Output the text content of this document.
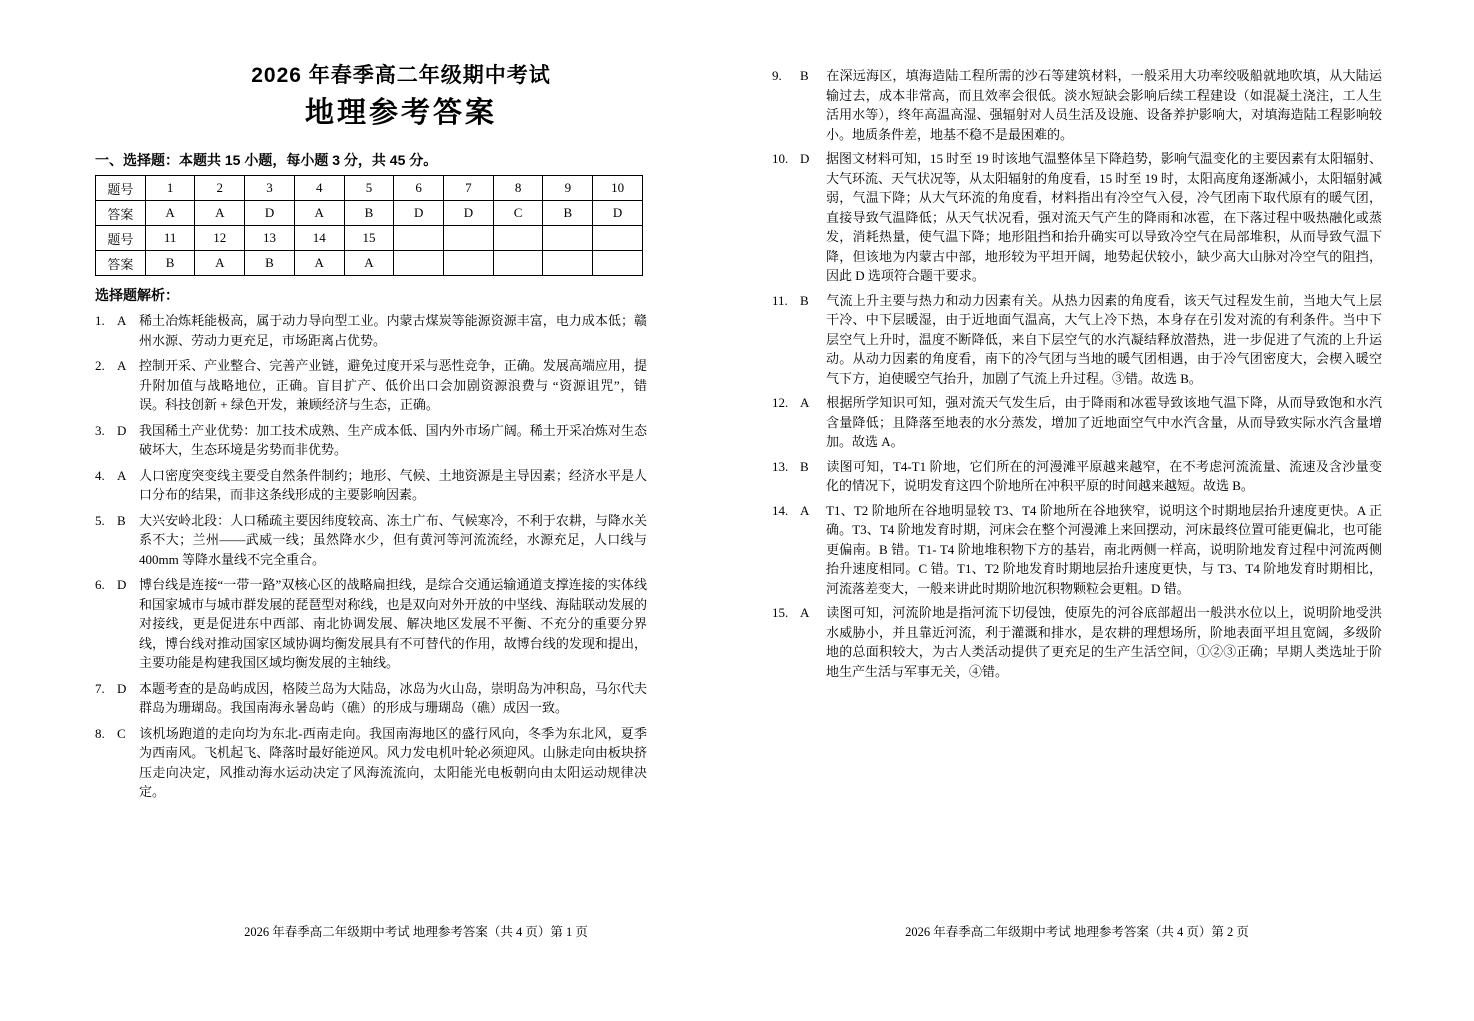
2026 年春季高二年级期中考试
地理参考答案
一、选择题：本题共 15 小题，每小题 3 分，共 45 分。
题号	1	2	3	4	5	6	7	8	9	10
答案	A	A	D	A	B	D	D	C	B	D
题号	11	12	13	14	15					
答案	B	A	B	A	A					
选择题解析：
1. A 稀土冶炼耗能极高，属于动力导向型工业。内蒙古煤炭等能源资源丰富，电力成本低；赣州水源、劳动力更充足，市场距离占优势。
2. A 控制开采、产业整合、完善产业链，避免过度开采与恶性竞争，正确。发展高端应用，提升附加值与战略地位，正确。盲目扩产、低价出口会加剧资源浪费与 “资源诅咒”，错误。科技创新 + 绿色开发，兼顾经济与生态，正确。
3. D 我国稀土产业优势：加工技术成熟、生产成本低、国内外市场广阔。稀土开采冶炼对生态破坏大，生态环境是劣势而非优势。
4. A 人口密度突变线主要受自然条件制约；地形、气候、土地资源是主导因素；经济水平是人口分布的结果，而非这条线形成的主要影响因素。
5. B 大兴安岭北段：人口稀疏主要因纬度较高、冻土广布、气候寒冷，不利于农耕，与降水关系不大；兰州——武威一线；虽然降水少，但有黄河等河流流经，水源充足，人口线与 400mm 等降水量线不完全重合。
6. D 博台线是连接“一带一路”双核心区的战略扁担线，是综合交通运输通道支撑连接的实体线和国家城市与城市群发展的琵琶型对称线，也是双向对外开放的中坚线、海陆联动发展的对接线，更是促进东中西部、南北协调发展、解决地区发展不平衡、不充分的重要分界线，博台线对推动国家区域协调均衡发展具有不可替代的作用，故博台线的发现和提出，主要功能是构建我国区域均衡发展的主轴线。
7. D 本题考查的是岛屿成因，格陵兰岛为大陆岛，冰岛为火山岛，崇明岛为冲积岛，马尔代夫群岛为珊瑚岛。我国南海永暑岛屿（礁）的形成与珊瑚岛（礁）成因一致。
8. C 该机场跑道的走向均为东北-西南走向。我国南海地区的盛行风向，冬季为东北风，夏季为西南风。飞机起飞、降落时最好能逆风。风力发电机叶轮必须迎风。山脉走向由板块挤压走向决定，风推动海水运动决定了风海流流向，太阳能光电板朝向由太阳运动规律决定。
2026 年春季高二年级期中考试 地理参考答案（共 4 页）第 1 页
9. B 在深远海区，填海造陆工程所需的沙石等建筑材料，一般采用大功率绞吸船就地吹填，从大陆运输过去，成本非常高，而且效率会很低。淡水短缺会影响后续工程建设（如混凝土浇注，工人生活用水等），终年高温高湿、强辐射对人员生活及设施、设备养护影响大，对填海造陆工程影响较小。地质条件差，地基不稳不是最困难的。
10. D 据图文材料可知，15 时至 19 时该地气温整体呈下降趋势，影响气温变化的主要因素有太阳辐射、大气环流、天气状况等，从太阳辐射的角度看，15 时至 19 时，太阳高度角逐渐减小，太阳辐射减弱，气温下降；从大气环流的角度看，材料指出有冷空气入侵，冷气团南下取代原有的暖气团，直接导致气温降低；从天气状况看，强对流天气产生的降雨和冰雹，在下落过程中吸热融化或蒸发，消耗热量，使气温下降；地形阻挡和抬升确实可以导致冷空气在局部堆积，从而导致气温下降，但该地为内蒙古中部，地形较为平坦开阔，地势起伏较小，缺少高大山脉对冷空气的阻挡，因此 D 选项符合题干要求。
11. B 气流上升主要与热力和动力因素有关。从热力因素的角度看，该天气过程发生前，当地大气上层干冷、中下层暖湿，由于近地面气温高，大气上冷下热，本身存在引发对流的有利条件。当中下层空气上升时，温度不断降低，来自下层空气的水汽凝结释放潜热，进一步促进了气流的上升运动。从动力因素的角度看，南下的冷气团与当地的暖气团相遇，由于冷气团密度大，会楔入暖空气下方，迫使暖空气抬升，加剧了气流上升过程。③错。故选 B。
12. A 根据所学知识可知，强对流天气发生后，由于降雨和冰雹导致该地气温下降，从而导致饱和水汽含量降低；且降落至地表的水分蒸发，增加了近地面空气中水汽含量，从而导致实际水汽含量增加。故选 A。
13. B 读图可知，T4-T1 阶地，它们所在的河漫滩平原越来越窄，在不考虑河流流量、流速及含沙量变化的情况下，说明发育这四个阶地所在冲积平原的时间越来越短。故选 B。
14. A T1、T2 阶地所在谷地明显较 T3、T4 阶地所在谷地狭窄，说明这个时期地层抬升速度更快。A 正确。T3、T4 阶地发育时期，河床会在整个河漫滩上来回摆动，河床最终位置可能更偏北，也可能更偏南。B 错。T1- T4 阶地堆积物下方的基岩，南北两侧一样高，说明阶地发育过程中河流两侧抬升速度相同。C 错。T1、T2 阶地发育时期地层抬升速度更快，与 T3、T4 阶地发育时期相比，河流落差变大，一般来讲此时期阶地沉积物颗粒会更粗。D 错。
15. A 读图可知，河流阶地是指河流下切侵蚀，使原先的河谷底部超出一般洪水位以上，说明阶地受洪水威胁小，并且靠近河流，利于灌溉和排水，是农耕的理想场所，阶地表面平坦且宽阔，多级阶地的总面积较大，为古人类活动提供了更充足的生产生活空间，①②③正确；早期人类选址于阶地生产生活与军事无关，④错。
2026 年春季高二年级期中考试 地理参考答案（共 4 页）第 2 页
